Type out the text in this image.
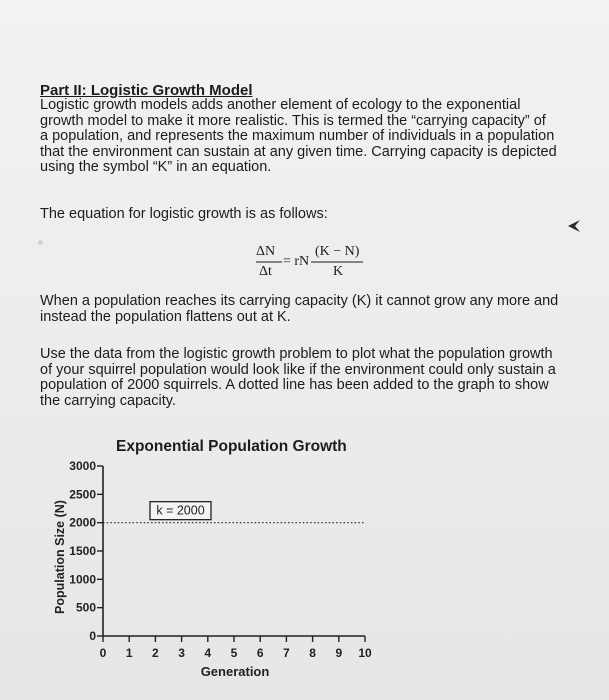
Part II: Logistic Growth Model
Logistic growth models adds another element of ecology to the exponential
growth model to make it more realistic. This is termed the “carrying capacity” of
a population, and represents the maximum number of individuals in a population
that the environment can sustain at any given time. Carrying capacity is depicted
using the symbol “K” in an equation.
The equation for logistic growth is as follows:
ΔN
Δt
= rN
(K − N)
K
When a population reaches its carrying capacity (K) it cannot grow any more and
instead the population flattens out at K.
Use the data from the logistic growth problem to plot what the population growth
of your squirrel population would look like if the environment could only sustain a
population of 2000 squirrels. A dotted line has been added to the graph to show
the carrying capacity.
Exponential Population Growth
0
500
1000
1500
2000
2500
3000
0 1 2 3 4 5 6 7 8 9 10
Generation
Population Size (N)	k = 2000
